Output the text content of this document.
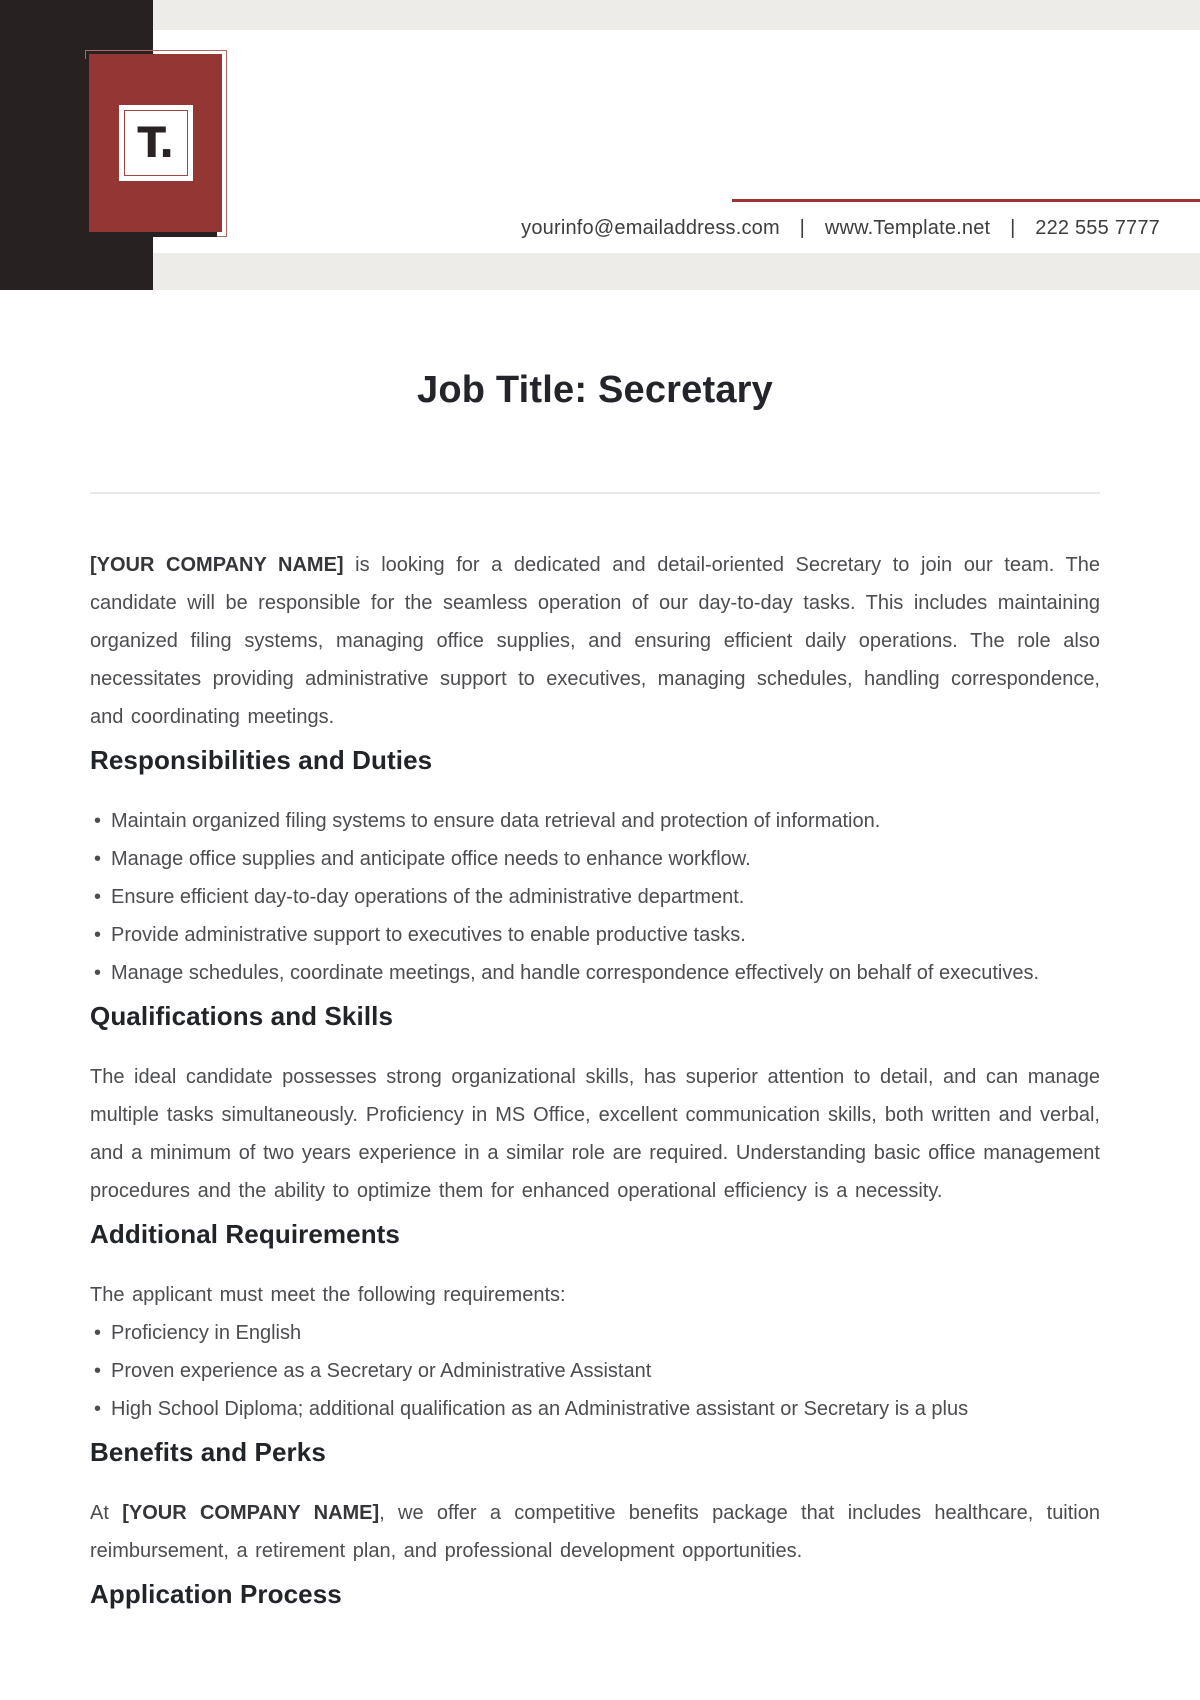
T.
yourinfo@emailaddress.com | www.Template.net | 222 555 7777
Job Title: Secretary

[YOUR COMPANY NAME] is looking for a dedicated and detail-oriented Secretary to join our team. The candidate will be responsible for the seamless operation of our day-to-day tasks. This includes maintaining organized filing systems, managing office supplies, and ensuring efficient daily operations. The role also necessitates providing administrative support to executives, managing schedules, handling correspondence, and coordinating meetings.

Responsibilities and Duties
• Maintain organized filing systems to ensure data retrieval and protection of information.
• Manage office supplies and anticipate office needs to enhance workflow.
• Ensure efficient day-to-day operations of the administrative department.
• Provide administrative support to executives to enable productive tasks.
• Manage schedules, coordinate meetings, and handle correspondence effectively on behalf of executives.
Qualifications and Skills

The ideal candidate possesses strong organizational skills, has superior attention to detail, and can manage multiple tasks simultaneously. Proficiency in MS Office, excellent communication skills, both written and verbal, and a minimum of two years experience in a similar role are required. Understanding basic office management procedures and the ability to optimize them for enhanced operational efficiency is a necessity.

Additional Requirements

The applicant must meet the following requirements:

• Proficiency in English
• Proven experience as a Secretary or Administrative Assistant
• High School Diploma; additional qualification as an Administrative assistant or Secretary is a plus
Benefits and Perks

At [YOUR COMPANY NAME], we offer a competitive benefits package that includes healthcare, tuition reimbursement, a retirement plan, and professional development opportunities.

Application Process
